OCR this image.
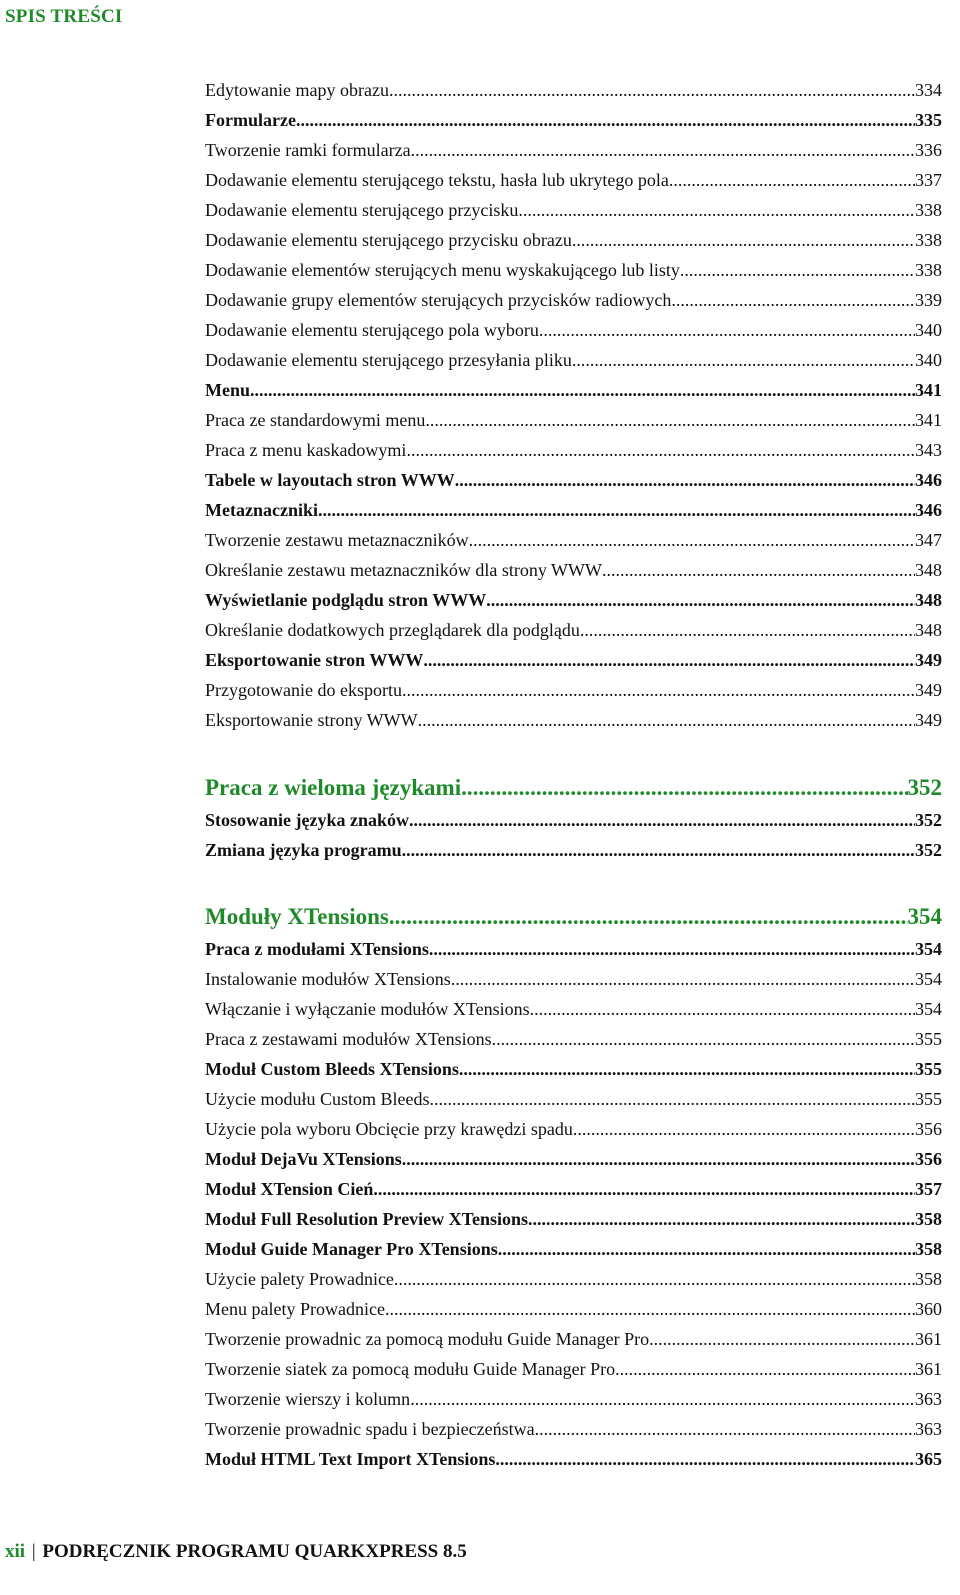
SPIS TREŚCI
Edytowanie mapy obrazu .....	334
Formularze .....	335
Tworzenie ramki formularza .....	336
Dodawanie elementu sterującego tekstu, hasła lub ukrytego pola .....	337
Dodawanie elementu sterującego przycisku .....	338
Dodawanie elementu sterującego przycisku obrazu .....	338
Dodawanie elementów sterujących menu wyskakującego lub listy .....	338
Dodawanie grupy elementów sterujących przycisków radiowych .....	339
Dodawanie elementu sterującego pola wyboru .....	340
Dodawanie elementu sterującego przesyłania pliku .....	340
Menu .....	341
Praca ze standardowymi menu .....	341
Praca z menu kaskadowymi .....	343
Tabele w layoutach stron WWW .....	346
Metaznaczniki .....	346
Tworzenie zestawu metaznaczników .....	347
Określanie zestawu metaznaczników dla strony WWW .....	348
Wyświetlanie podglądu stron WWW .....	348
Określanie dodatkowych przeglądarek dla podglądu .....	348
Eksportowanie stron WWW .....	349
Przygotowanie do eksportu .....	349
Eksportowanie strony WWW .....	349
Praca z wieloma językami .....	352
Stosowanie języka znaków .....	352
Zmiana języka programu .....	352
Moduły XTensions .....	354
Praca z modułami XTensions .....	354
Instalowanie modułów XTensions .....	354
Włączanie i wyłączanie modułów XTensions .....	354
Praca z zestawami modułów XTensions .....	355
Moduł Custom Bleeds XTensions .....	355
Użycie modułu Custom Bleeds .....	355
Użycie pola wyboru Obcięcie przy krawędzi spadu .....	356
Moduł DejaVu XTensions .....	356
Moduł XTension Cień .....	357
Moduł Full Resolution Preview XTensions .....	358
Moduł Guide Manager Pro XTensions .....	358
Użycie palety Prowadnice .....	358
Menu palety Prowadnice .....	360
Tworzenie prowadnic za pomocą modułu Guide Manager Pro .....	361
Tworzenie siatek za pomocą modułu Guide Manager Pro .....	361
Tworzenie wierszy i kolumn .....	363
Tworzenie prowadnic spadu i bezpieczeństwa .....	363
Moduł HTML Text Import XTensions .....	365
xii | PODRĘCZNIK PROGRAMU QUARKXPRESS 8.5
